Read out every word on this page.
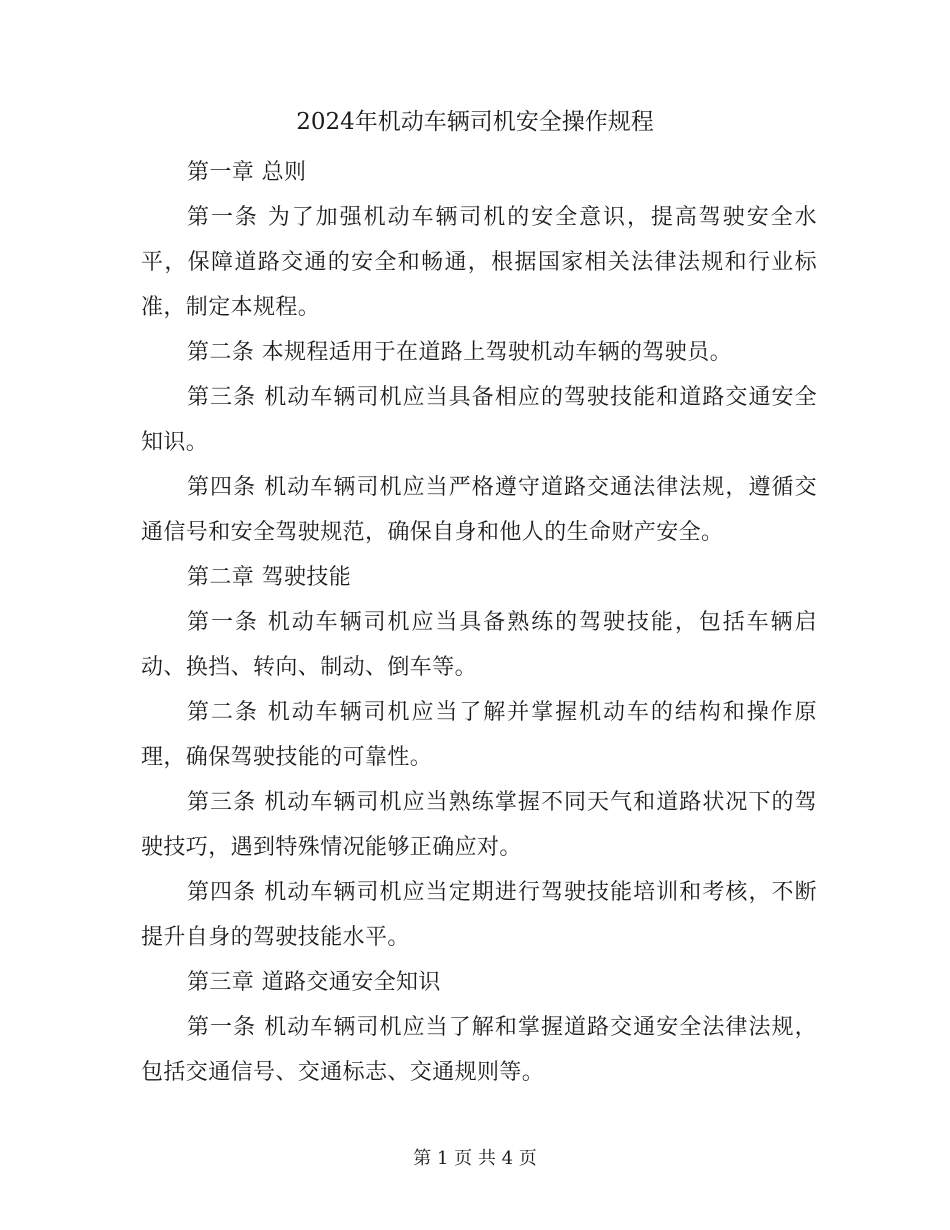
2024年机动车辆司机安全操作规程

第一章 总则

第一条 为了加强机动车辆司机的安全意识，提高驾驶安全水平，保障道路交通的安全和畅通，根据国家相关法律法规和行业标准，制定本规程。

第二条 本规程适用于在道路上驾驶机动车辆的驾驶员。

第三条 机动车辆司机应当具备相应的驾驶技能和道路交通安全知识。

第四条 机动车辆司机应当严格遵守道路交通法律法规，遵循交通信号和安全驾驶规范，确保自身和他人的生命财产安全。

第二章 驾驶技能

第一条 机动车辆司机应当具备熟练的驾驶技能，包括车辆启动、换挡、转向、制动、倒车等。

第二条 机动车辆司机应当了解并掌握机动车的结构和操作原理，确保驾驶技能的可靠性。

第三条 机动车辆司机应当熟练掌握不同天气和道路状况下的驾驶技巧，遇到特殊情况能够正确应对。

第四条 机动车辆司机应当定期进行驾驶技能培训和考核，不断提升自身的驾驶技能水平。

第三章 道路交通安全知识

第一条 机动车辆司机应当了解和掌握道路交通安全法律法规，包括交通信号、交通标志、交通规则等。

第 1 页 共 4 页
